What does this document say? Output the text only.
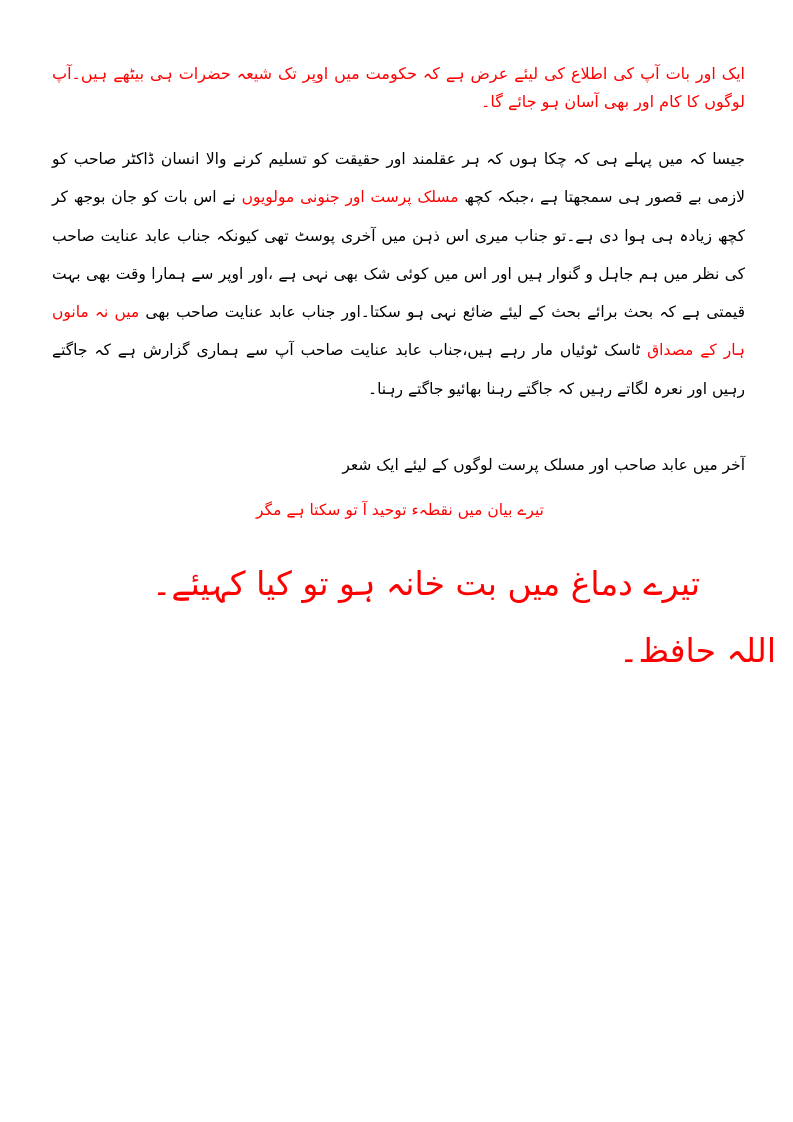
ایک اور بات آپ کی اطلاع کی لیئے عرض ہے کہ حکومت میں اوپر تک شیعہ حضرات ہی بیٹھے ہیں۔آپ لوگوں کا کام اور بھی آسان ہو جائے گا۔
جیسا کہ میں پہلے ہی کہ چکا ہوں کہ ہر عقلمند اور حقیقت کو تسلیم کرنے والا انسان ڈاکٹر صاحب کو لازمی بے قصور ہی سمجھتا ہے ،جبکہ کچھ مسلک پرست اور جنونی مولویوں نے اس بات کو جان بوجھ کر کچھ زیادہ ہی ہوا دی ہے۔تو جناب میری اس ذہن میں آخری پوسٹ تھی کیونکہ جناب عابد عنایت صاحب کی نظر میں ہم جاہل و گنوار ہیں اور اس میں کوئی شک بھی نہی ہے ،اور اوپر سے ہمارا وقت بھی بہت قیمتی ہے کہ بحث برائے بحث کے لیئے ضائع نہی ہو سکتا۔اور جناب عابد عنایت صاحب بھی میں نہ مانوں ہار کے مصداق ٹاسک ٹوئیاں مار رہے ہیں،جناب عابد عنایت صاحب آپ سے ہماری گزارش ہے کہ جاگتے رہیں اور نعرہ لگاتے رہیں کہ جاگتے رہنا بھائیو جاگتے رہنا۔
آخر میں عابد صاحب اور مسلک پرست لوگوں کے لیئے ایک شعر
تیرے بیان میں نقطہء توحید آ تو سکتا ہے مگر
تیرے دماغ میں بت خانہ ہو تو کیا کہیئے۔
اللہ حافظ۔
